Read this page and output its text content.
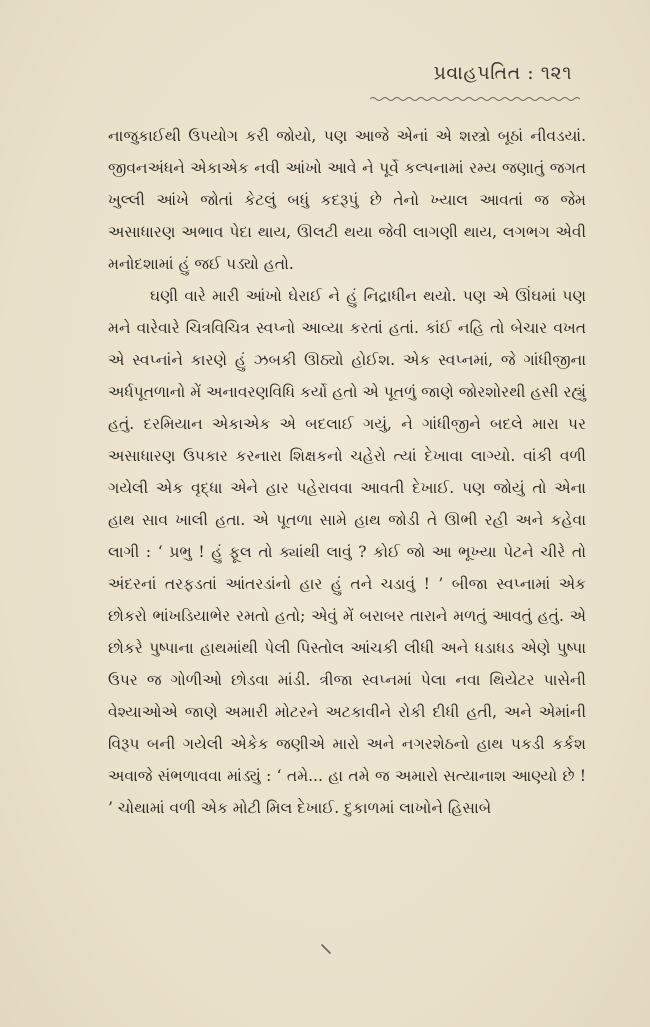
પ્રવાહપતિત : ૧૨૧

નાજુકાઈથી ઉપયોગ કરી જોયો, પણ આજે એનાં એ શસ્ત્રો બૂઠાં નીવડયાં. જીવનઅંધને એકાએક નવી આંખો આવે ને પૂર્વે કલ્પનામાં રમ્ય જણાતું જગત ખુલ્લી આંખે જોતાં કેટલું બધું કદરૂપું છે તેનો ખ્યાલ આવતાં જ જેમ અસાધારણ અભાવ પેદા થાય, ઊલટી થયા જેવી લાગણી થાય, લગભગ એવી મનોદશામાં હું જઈ પડ્યો હતો.

ઘણી વારે મારી આંખો ઘેરાઈ ને હું નિદ્રાધીન થયો. પણ એ ઊંઘમાં પણ મને વારેવારે ચિત્રવિચિત્ર સ્વપ્નો આવ્યા કરતાં હતાં. કાંઈ નહિ તો બેચાર વખત એ સ્વપ્નાંને કારણે હું ઝબકી ઊઠ્યો હોઈશ. એક સ્વપ્નમાં, જે ગાંધીજીના અર્ધપૂતળાનો મેં અનાવરણવિધિ કર્યો હતો એ પૂતળું જાણે જોરશોરથી હસી રહ્યું હતું. દરમિયાન એકાએક એ બદલાઈ ગયું, ને ગાંધીજીને બદલે મારા પર અસાધારણ ઉપકાર કરનારા શિક્ષકનો ચહેરો ત્યાં દેખાવા લાગ્યો. વાંકી વળી ગયેલી એક વૃદ્ધા એને હાર પહેરાવવા આવતી દેખાઈ. પણ જોયું તો એના હાથ સાવ ખાલી હતા. એ પૂતળા સામે હાથ જોડી તે ઊભી રહી અને કહેવા લાગી : ‘ પ્રભુ ! હું ફૂલ તો ક્યાંથી લાવું ? કોઈ જો આ ભૂખ્યા પેટને ચીરે તો અંદરનાં તરફડતાં આંતરડાંનો હાર હું તને ચડાવું ! ’ બીજા સ્વપ્નામાં એક છોકરો ભાંખડિયાભેર રમતો હતો; એવું મેં બરાબર તારાને મળતું આવતું હતું. એ છોકરે પુષ્પાના હાથમાંથી પેલી પિસ્તોલ આંચકી લીધી અને ધડાધડ એણે પુષ્પા ઉપર જ ગોળીઓ છોડવા માંડી. ત્રીજા સ્વપ્નમાં પેલા નવા થિયેટર પાસેની વેશ્યાઓએ જાણે અમારી મોટરને અટકાવીને રોકી દીધી હતી, અને એમાંની વિરૂપ બની ગયેલી એકેક જણીએ મારો અને નગરશેઠનો હાથ પકડી કર્કશ અવાજે સંભળાવવા માંડ્યું : ‘ તમે... હા તમે જ અમારો સત્યાનાશ આણ્યો છે ! ’ ચોથામાં વળી એક મોટી મિલ દેખાઈ. દુકાળમાં લાખોને હિસાબે
